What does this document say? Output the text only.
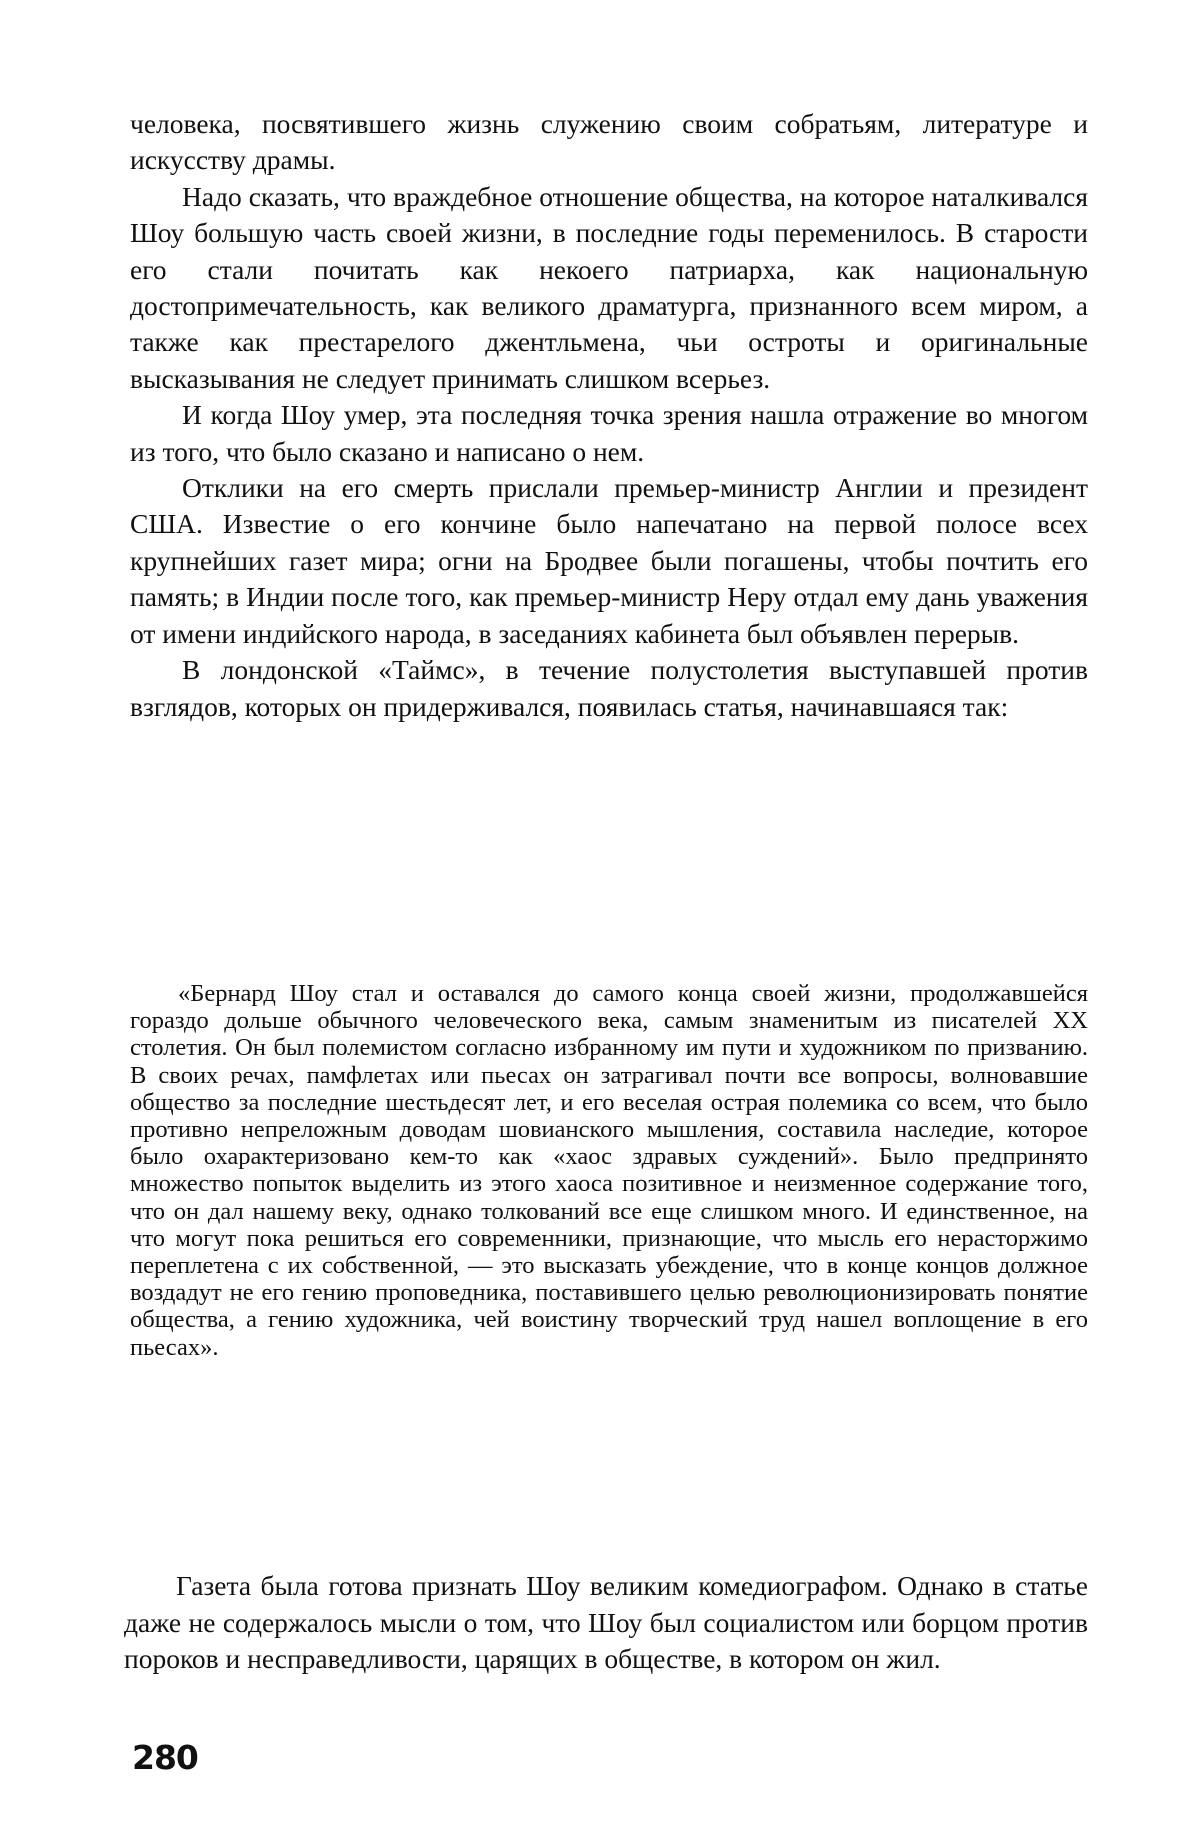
человека, посвятившего жизнь служению своим собратьям, литературе и искусству драмы.

Надо сказать, что враждебное отношение общества, на которое наталкивался Шоу большую часть своей жизни, в последние годы переменилось. В старости его стали почитать как некоего патриарха, как национальную достопримечательность, как великого драматурга, признанного всем миром, а также как престарелого джентльмена, чьи остроты и оригинальные высказывания не следует принимать слишком всерьез.

И когда Шоу умер, эта последняя точка зрения нашла отражение во многом из того, что было сказано и написано о нем.

Отклики на его смерть прислали премьер-министр Англии и президент США. Известие о его кончине было напечатано на первой полосе всех крупнейших газет мира; огни на Бродвее были погашены, чтобы почтить его память; в Индии после того, как премьер-министр Неру отдал ему дань уважения от имени индийского народа, в заседаниях кабинета был объявлен перерыв.

В лондонской «Таймс», в течение полустолетия выступавшей против взглядов, которых он придерживался, появилась статья, начинавшаяся так:

«Бернард Шоу стал и оставался до самого конца своей жизни, продолжавшейся гораздо дольше обычного человеческого века, самым знаменитым из писателей XX столетия. Он был полемистом согласно избранному им пути и художником по призванию. В своих речах, памфлетах или пьесах он затрагивал почти все вопросы, волновавшие общество за последние шестьдесят лет, и его веселая острая полемика со всем, что было противно непреложным доводам шовианского мышления, составила наследие, которое было охарактеризовано кем-то как «хаос здравых суждений». Было предпринято множество попыток выделить из этого хаоса позитивное и неизменное содержание того, что он дал нашему веку, однако толкований все еще слишком много. И единственное, на что могут пока решиться его современники, признающие, что мысль его нерасторжимо переплетена с их собственной, — это высказать убеждение, что в конце концов должное воздадут не его гению проповедника, поставившего целью революционизировать понятие общества, а гению художника, чей воистину творческий труд нашел воплощение в его пьесах».

Газета была готова признать Шоу великим комедиографом. Однако в статье даже не содержалось мысли о том, что Шоу был социалистом или борцом против пороков и несправедливости, царящих в обществе, в котором он жил.

280
